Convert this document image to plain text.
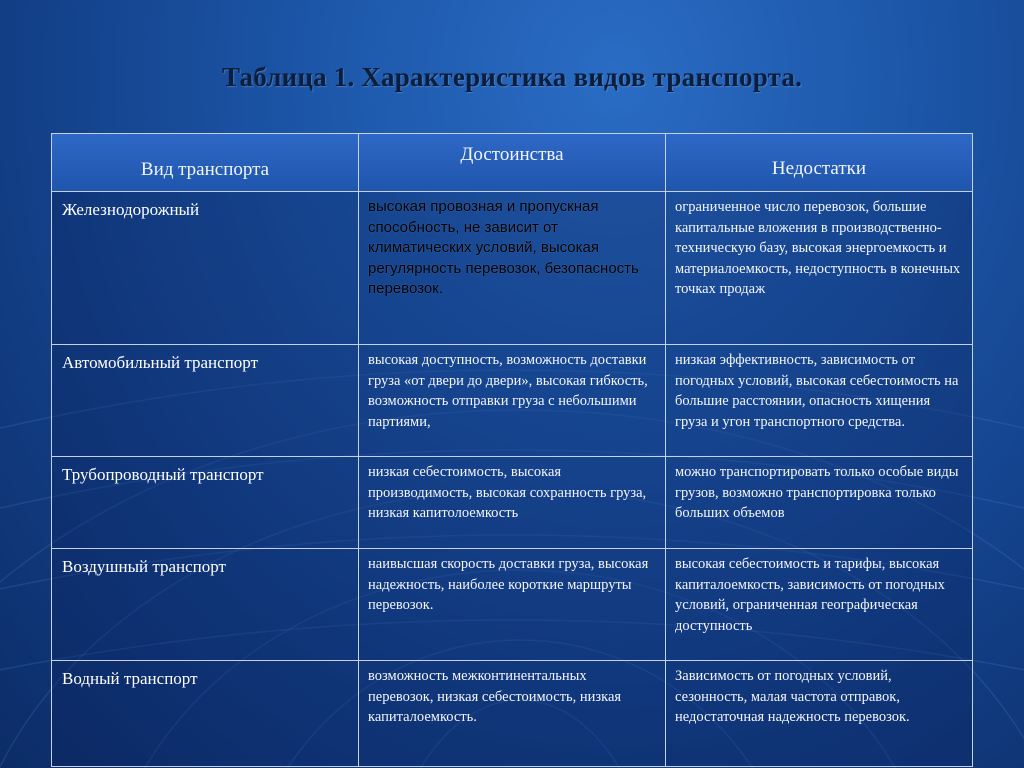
Таблица 1. Характеристика видов транспорта.
Вид транспорта	Достоинства	Недостатки
Железнодорожный	высокая провозная и пропускная способность, не зависит от климатических условий, высокая регулярность перевозок, безопасность перевозок.	ограниченное число перевозок, большие капитальные вложения в производственно-техническую базу, высокая энергоемкость и материалоемкость, недоступность в конечных точках продаж
Автомобильный транспорт	высокая доступность, возможность доставки груза «от двери до двери», высокая гибкость, возможность отправки груза с небольшими партиями,	низкая эффективность, зависимость от погодных условий, высокая себестоимость на большие расстоянии, опасность хищения груза и угон транспортного средства.
Трубопроводный транспорт	низкая себестоимость, высокая производимость, высокая сохранность груза, низкая капитолоемкость	можно транспортировать только особые виды грузов, возможно транспортировка только больших объемов
Воздушный транспорт	наивысшая скорость доставки груза, высокая надежность, наиболее короткие маршруты перевозок.	высокая себестоимость и тарифы, высокая капиталоемкость, зависимость от погодных условий, ограниченная географическая доступность
Водный транспорт	возможность межконтинентальных перевозок, низкая себестоимость, низкая капиталоемкость.	Зависимость от погодных условий, сезонность, малая частота отправок, недостаточная надежность перевозок.
